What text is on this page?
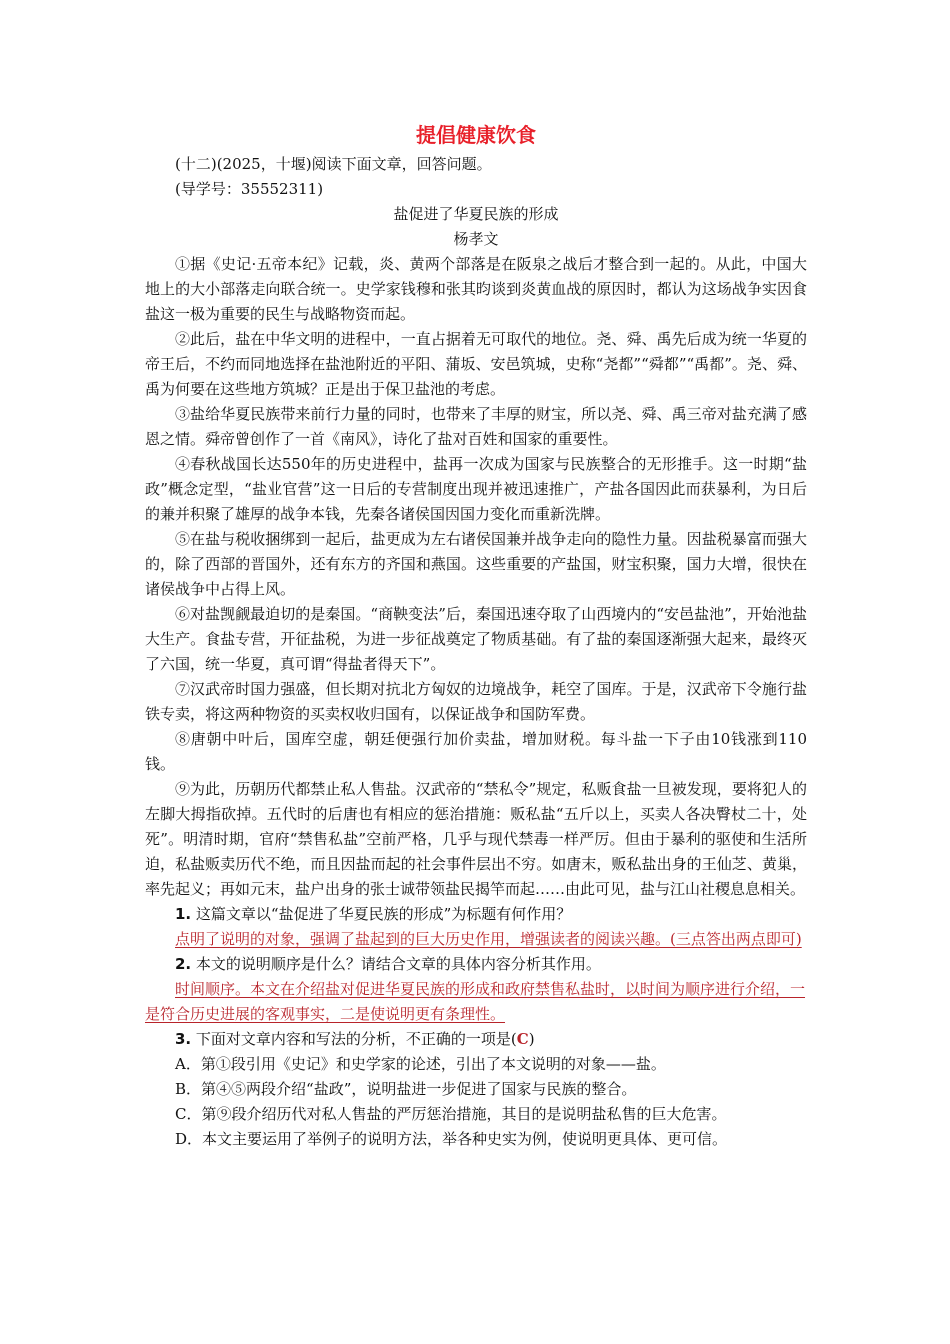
提倡健康饮食
(十二)(2025，十堰)阅读下面文章，回答问题。
(导学号：35552311)
盐促进了华夏民族的形成
杨孝文

①据《史记·五帝本纪》记载，炎、黄两个部落是在阪泉之战后才整合到一起的。从此，中国大地上的大小部落走向联合统一。史学家钱穆和张其昀谈到炎黄血战的原因时，都认为这场战争实因食盐这一极为重要的民生与战略物资而起。

②此后，盐在中华文明的进程中，一直占据着无可取代的地位。尧、舜、禹先后成为统一华夏的帝王后，不约而同地选择在盐池附近的平阳、蒲坂、安邑筑城，史称“尧都”“舜都”“禹都”。尧、舜、禹为何要在这些地方筑城？正是出于保卫盐池的考虑。

③盐给华夏民族带来前行力量的同时，也带来了丰厚的财宝，所以尧、舜、禹三帝对盐充满了感恩之情。舜帝曾创作了一首《南风》，诗化了盐对百姓和国家的重要性。

④春秋战国长达550年的历史进程中，盐再一次成为国家与民族整合的无形推手。这一时期“盐政”概念定型，“盐业官营”这一日后的专营制度出现并被迅速推广，产盐各国因此而获暴利，为日后的兼并积聚了雄厚的战争本钱，先秦各诸侯国因国力变化而重新洗牌。

⑤在盐与税收捆绑到一起后，盐更成为左右诸侯国兼并战争走向的隐性力量。因盐税暴富而强大的，除了西部的晋国外，还有东方的齐国和燕国。这些重要的产盐国，财宝积聚，国力大增，很快在诸侯战争中占得上风。

⑥对盐觊觎最迫切的是秦国。“商鞅变法”后，秦国迅速夺取了山西境内的“安邑盐池”，开始池盐大生产。食盐专营，开征盐税，为进一步征战奠定了物质基础。有了盐的秦国逐渐强大起来，最终灭了六国，统一华夏，真可谓“得盐者得天下”。

⑦汉武帝时国力强盛，但长期对抗北方匈奴的边境战争，耗空了国库。于是，汉武帝下令施行盐铁专卖，将这两种物资的买卖权收归国有，以保证战争和国防军费。

⑧唐朝中叶后，国库空虚，朝廷便强行加价卖盐，增加财税。每斗盐一下子由10钱涨到110钱。

⑨为此，历朝历代都禁止私人售盐。汉武帝的“禁私令”规定，私贩食盐一旦被发现，要将犯人的左脚大拇指砍掉。五代时的后唐也有相应的惩治措施：贩私盐“五斤以上，买卖人各决臀杖二十，处死”。明清时期，官府“禁售私盐”空前严格，几乎与现代禁毒一样严厉。但由于暴利的驱使和生活所迫，私盐贩卖历代不绝，而且因盐而起的社会事件层出不穷。如唐末，贩私盐出身的王仙芝、黄巢，率先起义；再如元末，盐户出身的张士诚带领盐民揭竿而起……由此可见，盐与江山社稷息息相关。

1. 这篇文章以“盐促进了华夏民族的形成”为标题有何作用？
点明了说明的对象，强调了盐起到的巨大历史作用，增强读者的阅读兴趣。(三点答出两点即可)
2. 本文的说明顺序是什么？请结合文章的具体内容分析其作用。
时间顺序。本文在介绍盐对促进华夏民族的形成和政府禁售私盐时，以时间为顺序进行介绍，一是符合历史进展的客观事实，二是使说明更有条理性。
3. 下面对文章内容和写法的分析，不正确的一项是(C)
A．第①段引用《史记》和史学家的论述，引出了本文说明的对象——盐。
B．第④⑤两段介绍“盐政”，说明盐进一步促进了国家与民族的整合。
C．第⑨段介绍历代对私人售盐的严厉惩治措施，其目的是说明盐私售的巨大危害。
D．本文主要运用了举例子的说明方法，举各种史实为例，使说明更具体、更可信。
